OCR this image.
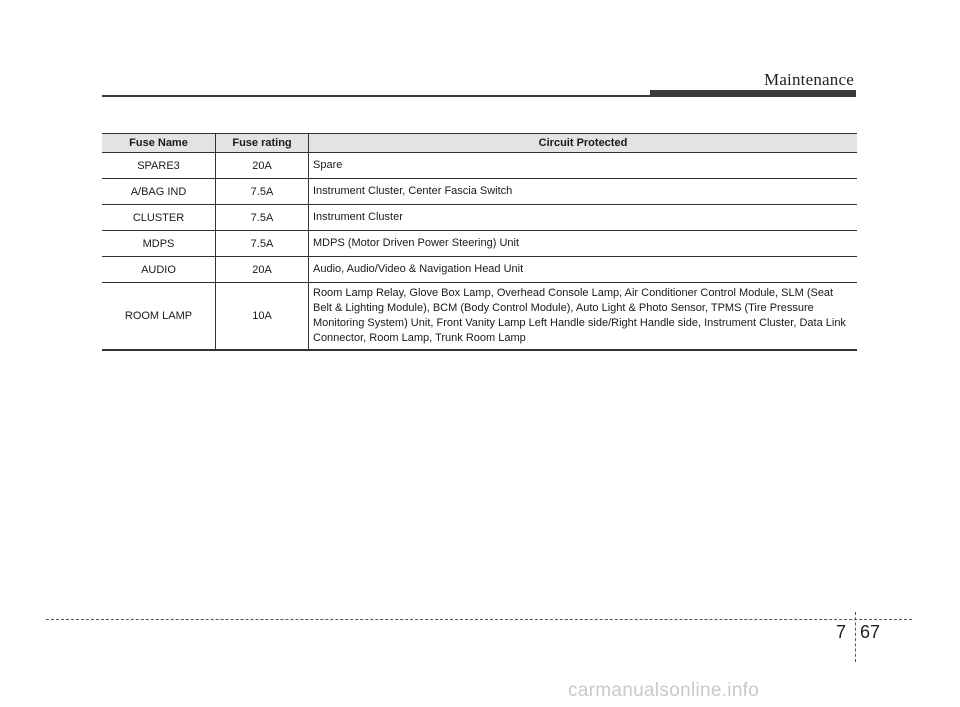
Maintenance
Fuse Name	Fuse rating	Circuit Protected
SPARE3	20A	Spare
A/BAG IND	7.5A	Instrument Cluster, Center Fascia Switch
CLUSTER	7.5A	Instrument Cluster
MDPS	7.5A	MDPS (Motor Driven Power Steering) Unit
AUDIO	20A	Audio, Audio/Video & Navigation Head Unit
ROOM LAMP	10A	Room Lamp Relay, Glove Box Lamp, Overhead Console Lamp, Air Conditioner Control Module, SLM (Seat Belt & Lighting Module), BCM (Body Control Module), Auto Light & Photo Sensor, TPMS (Tire Pressure Monitoring System) Unit, Front Vanity Lamp Left Handle side/Right Handle side, Instrument Cluster, Data Link Connector, Room Lamp, Trunk Room Lamp
7 67
carmanualsonline.info
